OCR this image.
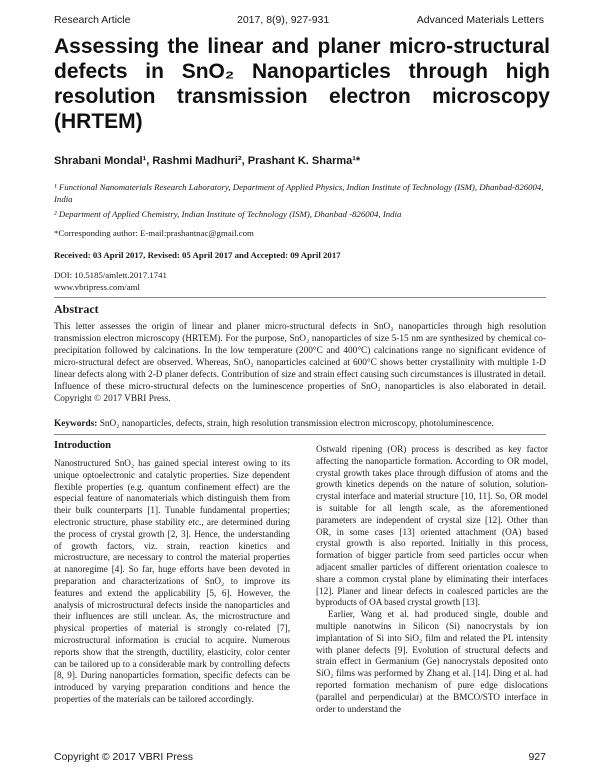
Research Article	2017, 8(9), 927-931	Advanced Materials Letters
Assessing the linear and planer micro-structural defects in SnO₂ Nanoparticles through high resolution transmission electron microscopy (HRTEM)
Shrabani Mondal¹, Rashmi Madhuri², Prashant K. Sharma¹*

¹ Functional Nanomaterials Research Laboratory, Department of Applied Physics, Indian Institute of Technology (ISM), Dhanbad-826004, India

² Department of Applied Chemistry, Indian Institute of Technology (ISM), Dhanbad -826004, India

*Corresponding author: E-mail:prashantnac@gmail.com
Received: 03 April 2017, Revised: 05 April 2017 and Accepted: 09 April 2017
DOI: 10.5185/amlett.2017.1741
www.vbripress.com/aml
Abstract

This letter assesses the origin of linear and planer micro-structural defects in SnO₂ nanoparticles through high resolution transmission electron microscopy (HRTEM). For the purpose, SnO₂ nanoparticles of size 5-15 nm are synthesized by chemical co-precipitation followed by calcinations. In the low temperature (200°C and 400°C) calcinations range no significant evidence of micro-structural defect are observed. Whereas, SnO₂ nanoparticles calcined at 600°C shows better crystallinity with multiple 1-D linear defects along with 2-D planer defects. Contribution of size and strain effect causing such circumstances is illustrated in detail. Influence of these micro-structural defects on the luminescence properties of SnO₂ nanoparticles is also elaborated in detail. Copyright © 2017 VBRI Press.

Keywords: SnO₂ nanoparticles, defects, strain, high resolution transmission electron microscopy, photoluminescence.

Introduction

Nanostructured SnO₂ has gained special interest owing to its unique optoelectronic and catalytic properties. Size dependent flexible properties (e.g. quantum confinement effect) are the especial feature of nanomaterials which distinguish them from their bulk counterparts [1]. Tunable fundamental properties; electronic structure, phase stability etc., are determined during the process of crystal growth [2, 3]. Hence, the understanding of growth factors, viz. strain, reaction kinetics and microstructure, are necessary to control the material properties at nanoregime [4]. So far, huge efforts have been devoted in preparation and characterizations of SnO₂ to improve its features and extend the applicability [5, 6]. However, the analysis of microstructural defects inside the nanoparticles and their influences are still unclear. As, the microstructure and physical properties of material is strongly co-related [7], microstructural information is crucial to acquire. Numerous reports show that the strength, ductility, elasticity, color center can be tailored up to a considerable mark by controlling defects [8, 9]. During nanoparticles formation, specific defects can be introduced by varying preparation conditions and hence the properties of the materials can be tailored accordingly.

Ostwald ripening (OR) process is described as key factor affecting the nanoparticle formation. According to OR model, crystal growth takes place through diffusion of atoms and the growth kinetics depends on the nature of solution, solution-crystal interface and material structure [10, 11]. So, OR model is suitable for all length scale, as the aforementioned parameters are independent of crystal size [12]. Other than OR, in some cases [13] oriented attachment (OA) based crystal growth is also reported. Initially in this process, formation of bigger particle from seed particles occur when adjacent smaller particles of different orientation coalesce to share a common crystal plane by eliminating their interfaces [12]. Planer and linear defects in coalesced particles are the byproducts of OA based crystal growth [13].

Earlier, Wang et al. had produced single, double and multiple nanotwins in Silicon (Si) nanocrystals by ion implantation of Si into SiO₂ film and related the PL intensity with planer defects [9]. Evolution of structural defects and strain effect in Germanium (Ge) nanocrystals deposited onto SiO₂ films was performed by Zhang et al. [14]. Ding et al. had reported formation mechanism of pure edge dislocations (parallel and perpendicular) at the BMCO/STO interface in order to understand the

Copyright © 2017 VBRI Press	927
